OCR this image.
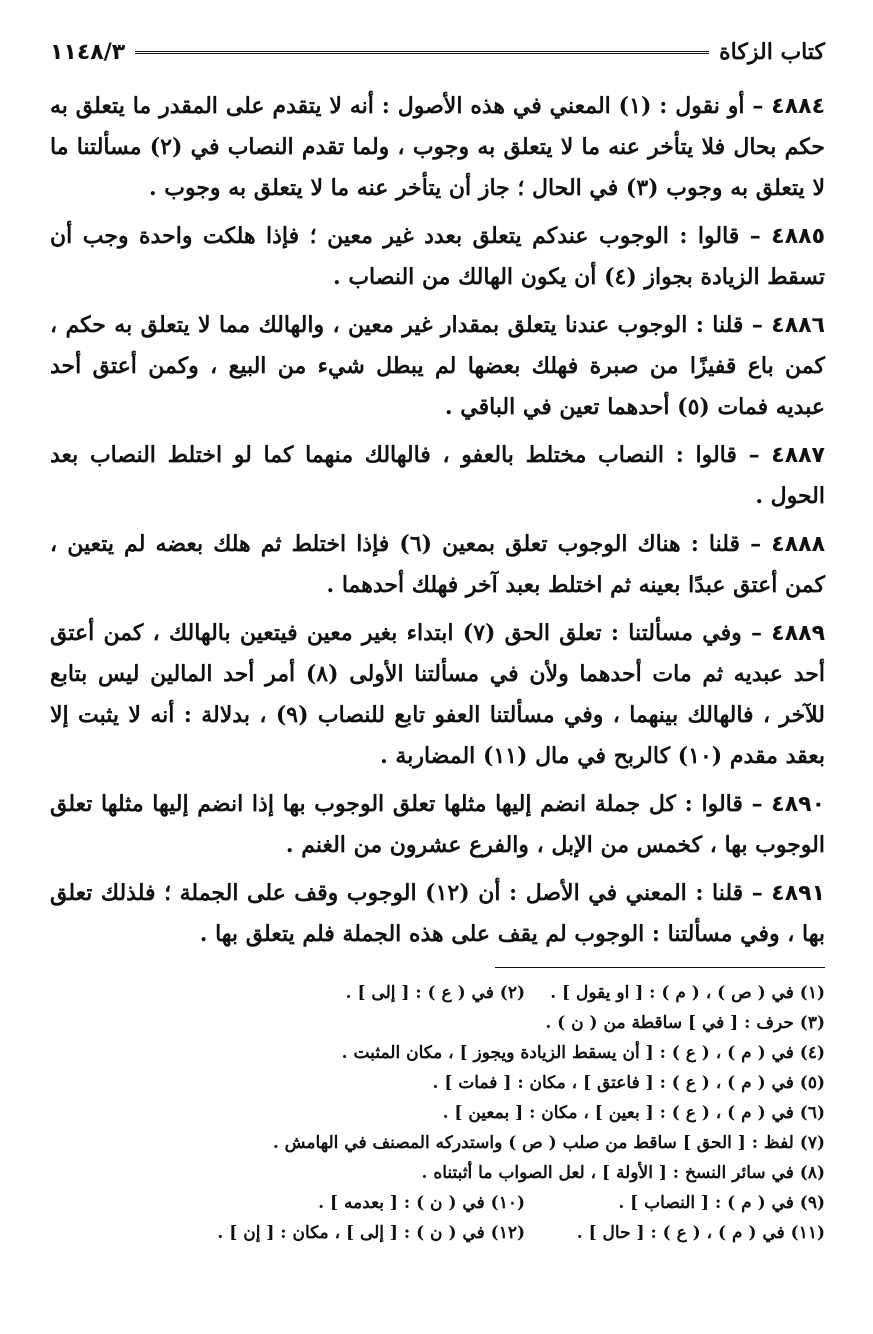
كتاب الزكاة
١١٤٨/٣

٤٨٨٤ – أو نقول : (١) المعني في هذه الأصول : أنه لا يتقدم على المقدر ما يتعلق به حكم بحال فلا يتأخر عنه ما لا يتعلق به وجوب ، ولما تقدم النصاب في (٢) مسألتنا ما لا يتعلق به وجوب (٣) في الحال ؛ جاز أن يتأخر عنه ما لا يتعلق به وجوب .

٤٨٨٥ – قالوا : الوجوب عندكم يتعلق بعدد غير معين ؛ فإذا هلكت واحدة وجب أن تسقط الزيادة بجواز (٤) أن يكون الهالك من النصاب .

٤٨٨٦ – قلنا : الوجوب عندنا يتعلق بمقدار غير معين ، والهالك مما لا يتعلق به حكم ، كمن باع قفيزًا من صبرة فهلك بعضها لم يبطل شيء من البيع ، وكمن أعتق أحد عبديه فمات (٥) أحدهما تعين في الباقي .

٤٨٨٧ – قالوا : النصاب مختلط بالعفو ، فالهالك منهما كما لو اختلط النصاب بعد الحول .

٤٨٨٨ – قلنا : هناك الوجوب تعلق بمعين (٦) فإذا اختلط ثم هلك بعضه لم يتعين ، كمن أعتق عبدًا بعينه ثم اختلط بعبد آخر فهلك أحدهما .

٤٨٨٩ – وفي مسألتنا : تعلق الحق (٧) ابتداء بغير معين فيتعين بالهالك ، كمن أعتق أحد عبديه ثم مات أحدهما ولأن في مسألتنا الأولى (٨) أمر أحد المالين ليس بتابع للآخر ، فالهالك بينهما ، وفي مسألتنا العفو تابع للنصاب (٩) ، بدلالة : أنه لا يثبت إلا بعقد مقدم (١٠) كالربح في مال (١١) المضاربة .

٤٨٩٠ – قالوا : كل جملة انضم إليها مثلها تعلق الوجوب بها إذا انضم إليها مثلها تعلق الوجوب بها ، كخمس من الإبل ، والفرع عشرون من الغنم .

٤٨٩١ – قلنا : المعني في الأصل : أن (١٢) الوجوب وقف على الجملة ؛ فلذلك تعلق بها ، وفي مسألتنا : الوجوب لم يقف على هذه الجملة فلم يتعلق بها .

(١) في ( ص ) ، ( م ) : [ او يقول ] .
(٢) في ( ع ) : [ إلى ] .
(٣) حرف : [ في ] ساقطة من ( ن ) .
(٤) في ( م ) ، ( ع ) : [ أن يسقط الزيادة ويجوز ] ، مكان المثبت .
(٥) في ( م ) ، ( ع ) : [ فاعتق ] ، مكان : [ فمات ] .
(٦) في ( م ) ، ( ع ) : [ بعين ] ، مكان : [ بمعين ] .
(٧) لفظ : [ الحق ] ساقط من صلب ( ص ) واستدركه المصنف في الهامش .
(٨) في سائر النسخ : [ الأولة ] ، لعل الصواب ما أثبتناه .
(٩) في ( م ) : [ النصاب ] .
(١٠) في ( ن ) : [ بعدمه ] .
(١١) في ( م ) ، ( ع ) : [ حال ] .
(١٢) في ( ن ) : [ إلى ] ، مكان : [ إن ] .
